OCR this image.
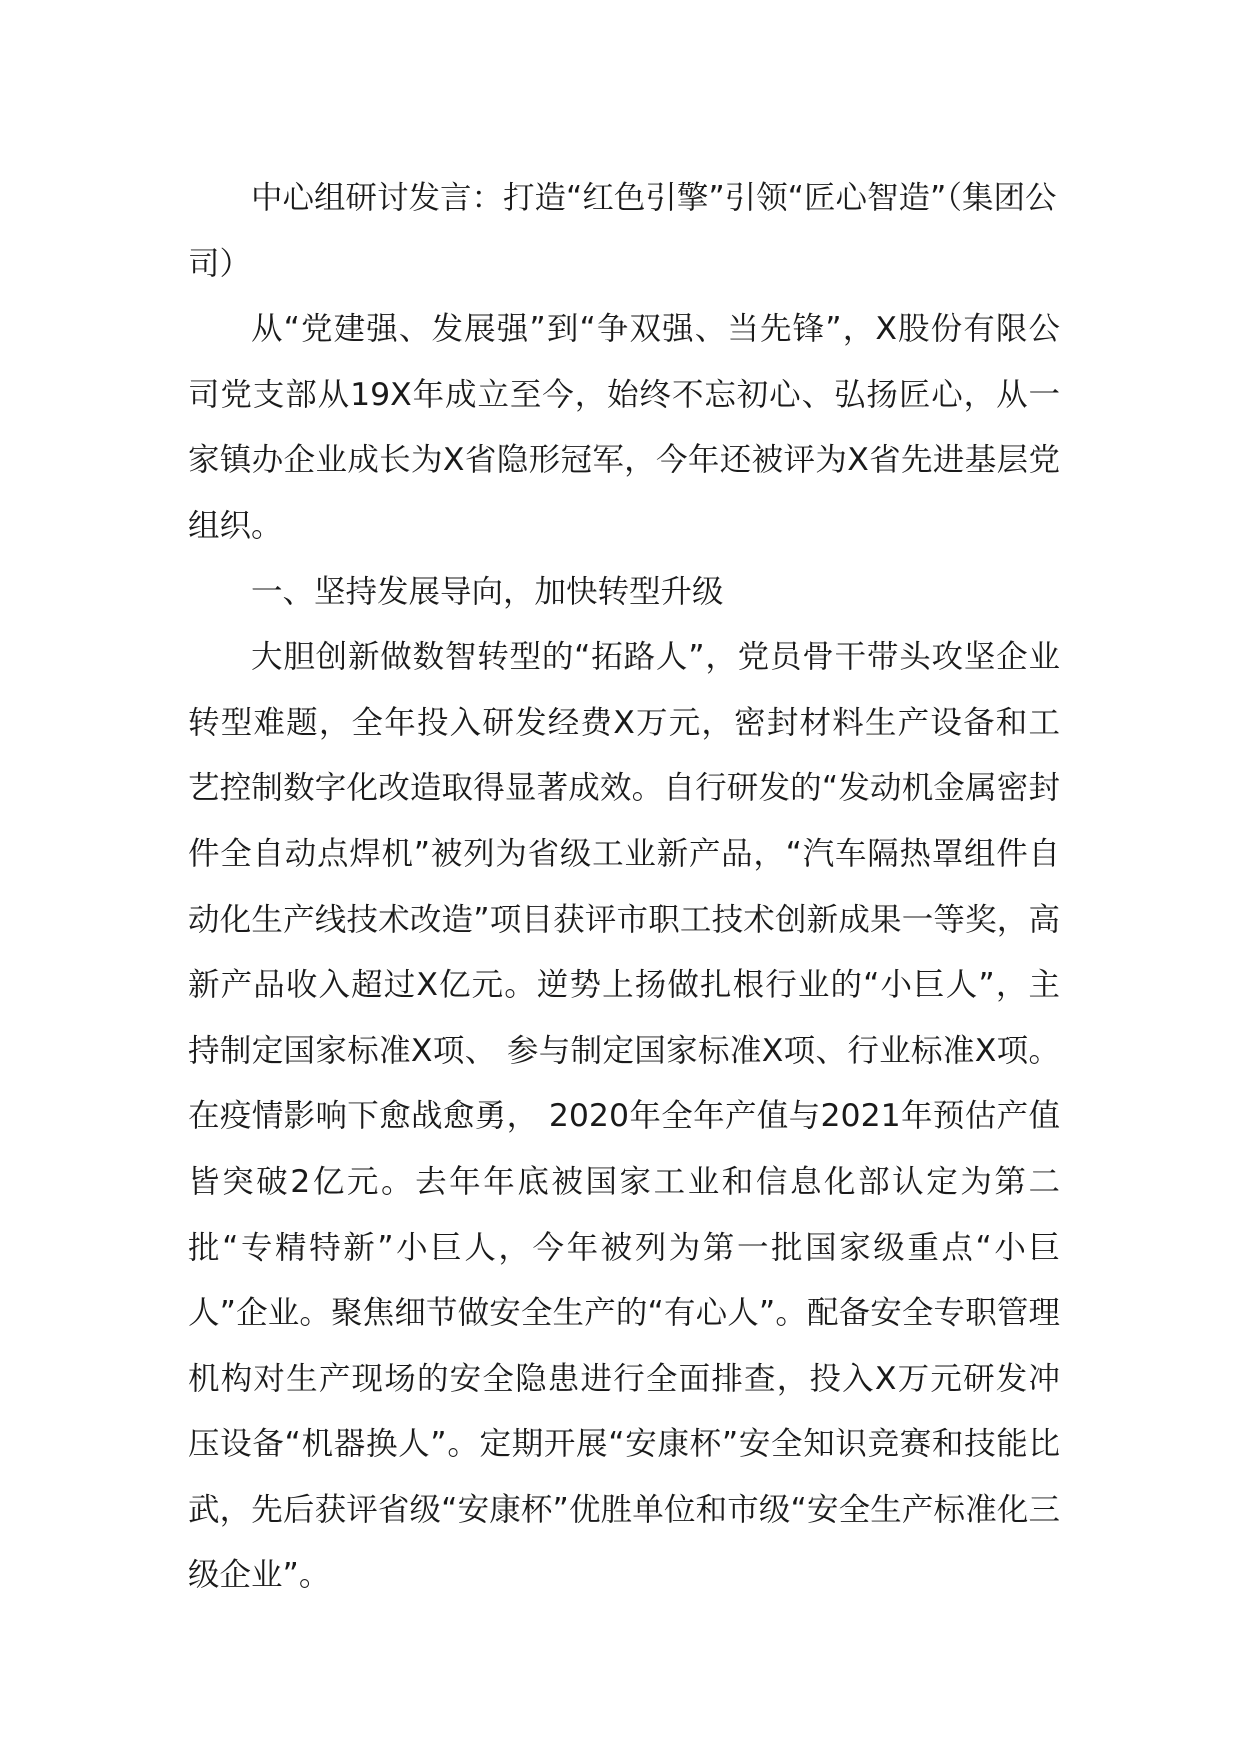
中心组研讨发言：打造“红色引擎”引领“匠心智造”（集团公司）

从“党建强、发展强”到“争双强、当先锋”，X股份有限公司党支部从19X年成立至今，始终不忘初心、弘扬匠心，从一家镇办企业成长为X省隐形冠军，今年还被评为X省先进基层党组织。

一、坚持发展导向，加快转型升级

大胆创新做数智转型的“拓路人”，党员骨干带头攻坚企业转型难题，全年投入研发经费X万元，密封材料生产设备和工艺控制数字化改造取得显著成效。自行研发的“发动机金属密封件全自动点焊机”被列为省级工业新产品，“汽车隔热罩组件自动化生产线技术改造”项目获评市职工技术创新成果一等奖，高新产品收入超过X亿元。逆势上扬做扎根行业的“小巨人”，主持制定国家标准X项、 参与制定国家标准X项、行业标准X项。 在疫情影响下愈战愈勇， 2020年全年产值与2021年预估产值皆突破2亿元。去年年底被国家工业和信息化部认定为第二批“专精特新”小巨人，今年被列为第一批国家级重点“小巨人”企业。聚焦细节做安全生产的“有心人”。配备安全专职管理机构对生产现场的安全隐患进行全面排查，投入X万元研发冲压设备“机器换人”。定期开展“安康杯”安全知识竞赛和技能比武，先后获评省级“安康杯”优胜单位和市级“安全生产标准化三级企业”。
